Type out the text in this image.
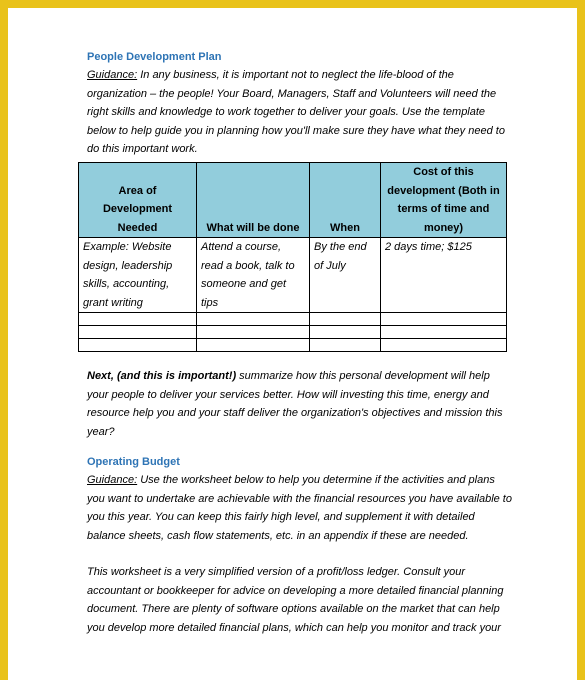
People Development Plan
Guidance: In any business, it is important not to neglect the life-blood of the organization – the people! Your Board, Managers, Staff and Volunteers will need the right skills and knowledge to work together to deliver your goals. Use the template below to help guide you in planning how you'll make sure they have what they need to do this important work.
Area of Development Needed	What will be done	When	Cost of this development (Both in terms of time and money)
Example: Website design, leadership skills, accounting, grant writing	Attend a course, read a book, talk to someone and get tips	By the end of July	2 days time; $125

Next, (and this is important!) summarize how this personal development will help your people to deliver your services better. How will investing this time, energy and resource help you and your staff deliver the organization's objectives and mission this year?
Operating Budget
Guidance: Use the worksheet below to help you determine if the activities and plans you want to undertake are achievable with the financial resources you have available to you this year. You can keep this fairly high level, and supplement it with detailed balance sheets, cash flow statements, etc. in an appendix if these are needed.
This worksheet is a very simplified version of a profit/loss ledger. Consult your accountant or bookkeeper for advice on developing a more detailed financial planning document. There are plenty of software options available on the market that can help you develop more detailed financial plans, which can help you monitor and track your
